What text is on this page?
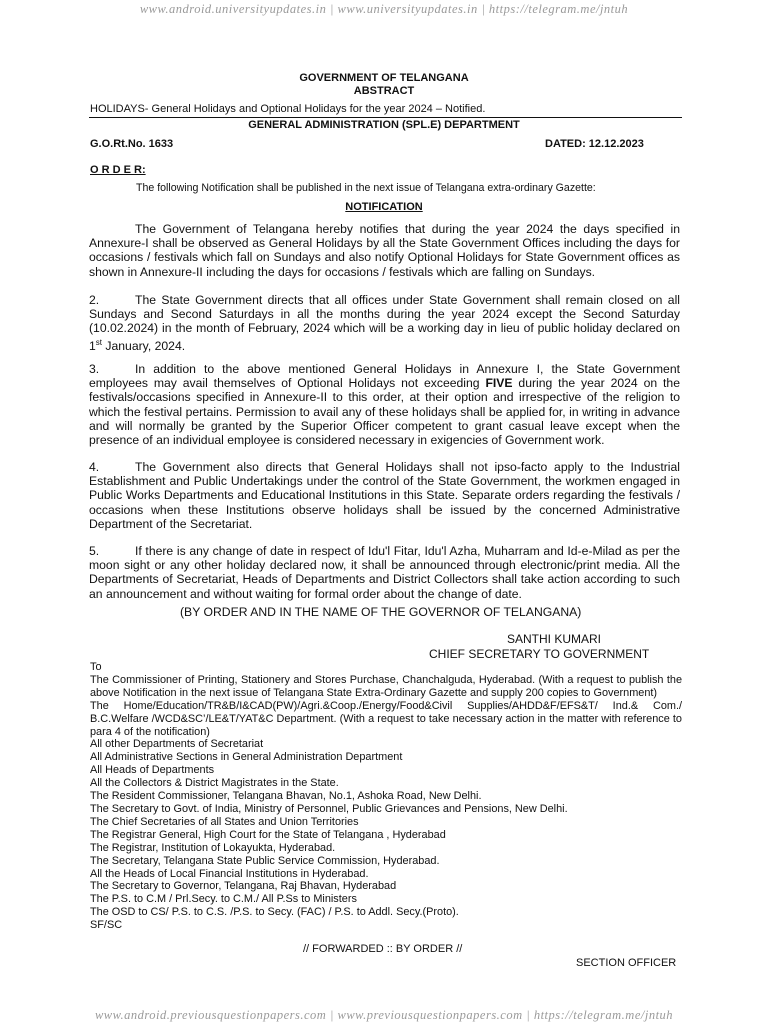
www.android.universityupdates.in | www.universityupdates.in | https://telegram.me/jntuh
GOVERNMENT OF TELANGANA
ABSTRACT
HOLIDAYS- General Holidays and Optional Holidays for the year 2024 – Notified.
GENERAL ADMINISTRATION (SPL.E) DEPARTMENT
G.O.Rt.No. 1633	DATED: 12.12.2023
O R D E R:
The following Notification shall be published in the next issue of Telangana extra-ordinary Gazette:
NOTIFICATION

The Government of Telangana hereby notifies that during the year 2024 the days specified in Annexure-I shall be observed as General Holidays by all the State Government Offices including the days for occasions / festivals which fall on Sundays and also notify Optional Holidays for State Government offices as shown in Annexure-II including the days for occasions / festivals which are falling on Sundays.

2.	The State Government directs that all offices under State Government shall remain closed on all Sundays and Second Saturdays in all the months during the year 2024 except the Second Saturday (10.02.2024) in the month of February, 2024 which will be a working day in lieu of public holiday declared on 1st January, 2024.

3.	In addition to the above mentioned General Holidays in Annexure I, the State Government employees may avail themselves of Optional Holidays not exceeding FIVE during the year 2024 on the festivals/occasions specified in Annexure-II to this order, at their option and irrespective of the religion to which the festival pertains. Permission to avail any of these holidays shall be applied for, in writing in advance and will normally be granted by the Superior Officer competent to grant casual leave except when the presence of an individual employee is considered necessary in exigencies of Government work.

4.	The Government also directs that General Holidays shall not ipso-facto apply to the Industrial Establishment and Public Undertakings under the control of the State Government, the workmen engaged in Public Works Departments and Educational Institutions in this State. Separate orders regarding the festivals / occasions when these Institutions observe holidays shall be issued by the concerned Administrative Department of the Secretariat.

5.	If there is any change of date in respect of Idu'l Fitar, Idu'l Azha, Muharram and Id-e-Milad as per the moon sight or any other holiday declared now, it shall be announced through electronic/print media. All the Departments of Secretariat, Heads of Departments and District Collectors shall take action according to such an announcement and without waiting for formal order about the change of date.

(BY ORDER AND IN THE NAME OF THE GOVERNOR OF TELANGANA)
SANTHI KUMARI
CHIEF SECRETARY TO GOVERNMENT
To
The Commissioner of Printing, Stationery and Stores Purchase, Chanchalguda, Hyderabad. (With a request to publish the above Notification in the next issue of Telangana State Extra-Ordinary Gazette and supply 200 copies to Government)
The Home/Education/TR&B/I&CAD(PW)/Agri.&Coop./Energy/Food&Civil Supplies/AHDD&F/EFS&T/ Ind.& Com./ B.C.Welfare /WCD&SC’/LE&T/YAT&C Department. (With a request to take necessary action in the matter with reference to para 4 of the notification)
All other Departments of Secretariat
All Administrative Sections in General Administration Department
All Heads of Departments
All the Collectors & District Magistrates in the State.
The Resident Commissioner, Telangana Bhavan, No.1, Ashoka Road, New Delhi.
The Secretary to Govt. of India, Ministry of Personnel, Public Grievances and Pensions, New Delhi.
The Chief Secretaries of all States and Union Territories
The Registrar General, High Court for the State of Telangana , Hyderabad
The Registrar, Institution of Lokayukta, Hyderabad.
The Secretary, Telangana State Public Service Commission, Hyderabad.
All the Heads of Local Financial Institutions in Hyderabad.
The Secretary to Governor, Telangana, Raj Bhavan, Hyderabad
The P.S. to C.M / Prl.Secy. to C.M./ All P.Ss to Ministers
The OSD to CS/ P.S. to C.S. /P.S. to Secy. (FAC) / P.S. to Addl. Secy.(Proto).
SF/SC
// FORWARDED :: BY ORDER //
SECTION OFFICER
www.android.previousquestionpapers.com | www.previousquestionpapers.com | https://telegram.me/jntuh
